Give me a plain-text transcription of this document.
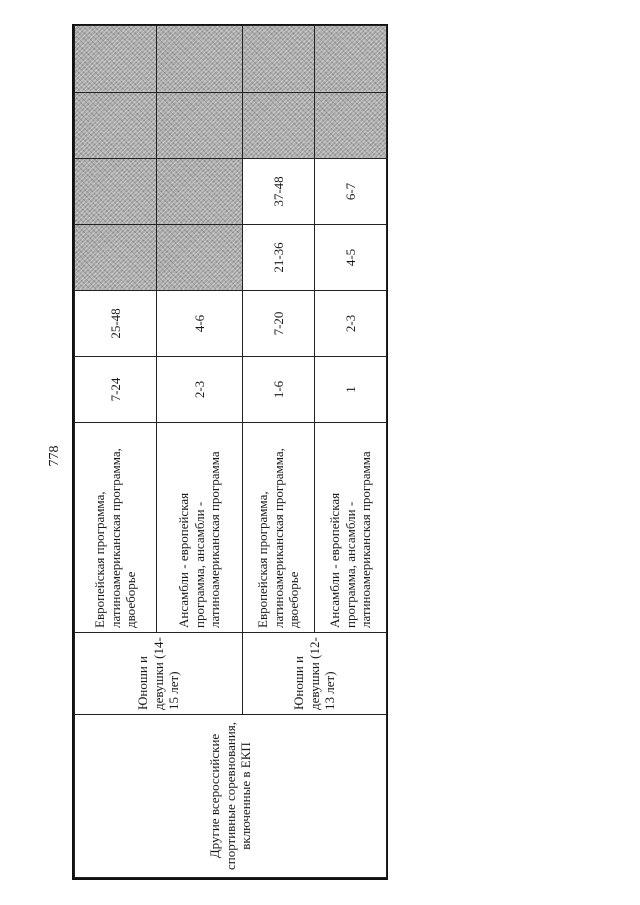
778
Другие всероссийские спортивные соревнования, включенные в ЕКП	Юноши и девушки (14-15 лет)	Европейская программа, латиноамериканская программа, двоеборье	7-24	25-48				
		Ансамбли - европейская программа, ансамбли - латиноамериканская программа	2-3	4-6				
	Юноши и девушки (12-13 лет)	Европейская программа, латиноамериканская программа, двоеборье	1-6	7-20	21-36	37-48		
		Ансамбли - европейская программа, ансамбли - латиноамериканская программа	1	2-3	4-5	6-7		
